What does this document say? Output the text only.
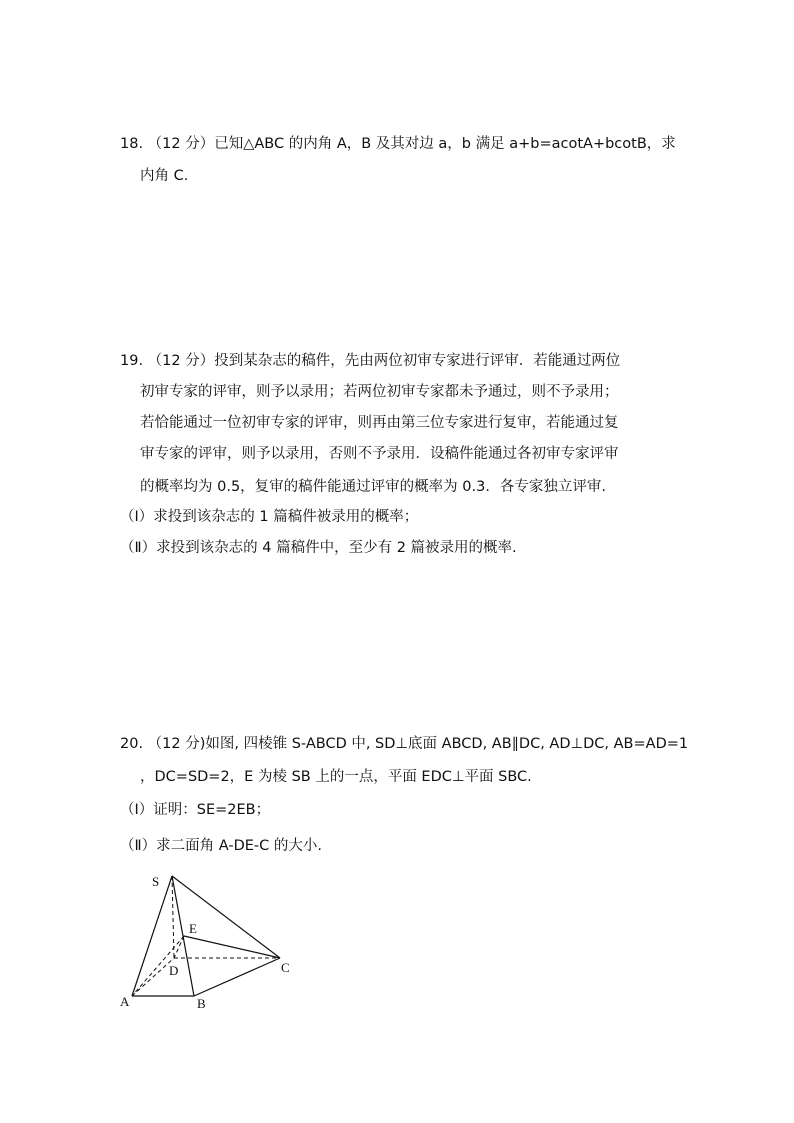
18. （12 分）已知△ABC 的内角 A，B 及其对边 a，b 满足 a+b=acotA+bcotB，求
内角 C.
19. （12 分）投到某杂志的稿件，先由两位初审专家进行评审．若能通过两位
初审专家的评审，则予以录用；若两位初审专家都未予通过，则不予录用；
若恰能通过一位初审专家的评审，则再由第三位专家进行复审，若能通过复
审专家的评审，则予以录用，否则不予录用．设稿件能通过各初审专家评审
的概率均为 0.5，复审的稿件能通过评审的概率为 0.3．各专家独立评审.
（Ⅰ）求投到该杂志的 1 篇稿件被录用的概率；
（Ⅱ）求投到该杂志的 4 篇稿件中，至少有 2 篇被录用的概率.
20. （12 分)如图, 四棱锥 S-ABCD 中, SD⊥底面 ABCD, AB∥DC, AD⊥DC, AB=AD=1
，DC=SD=2，E 为棱 SB 上的一点，平面 EDC⊥平面 SBC.
（Ⅰ）证明：SE=2EB；
（Ⅱ）求二面角 A-DE-C 的大小.
S
E
D	C
A	B
